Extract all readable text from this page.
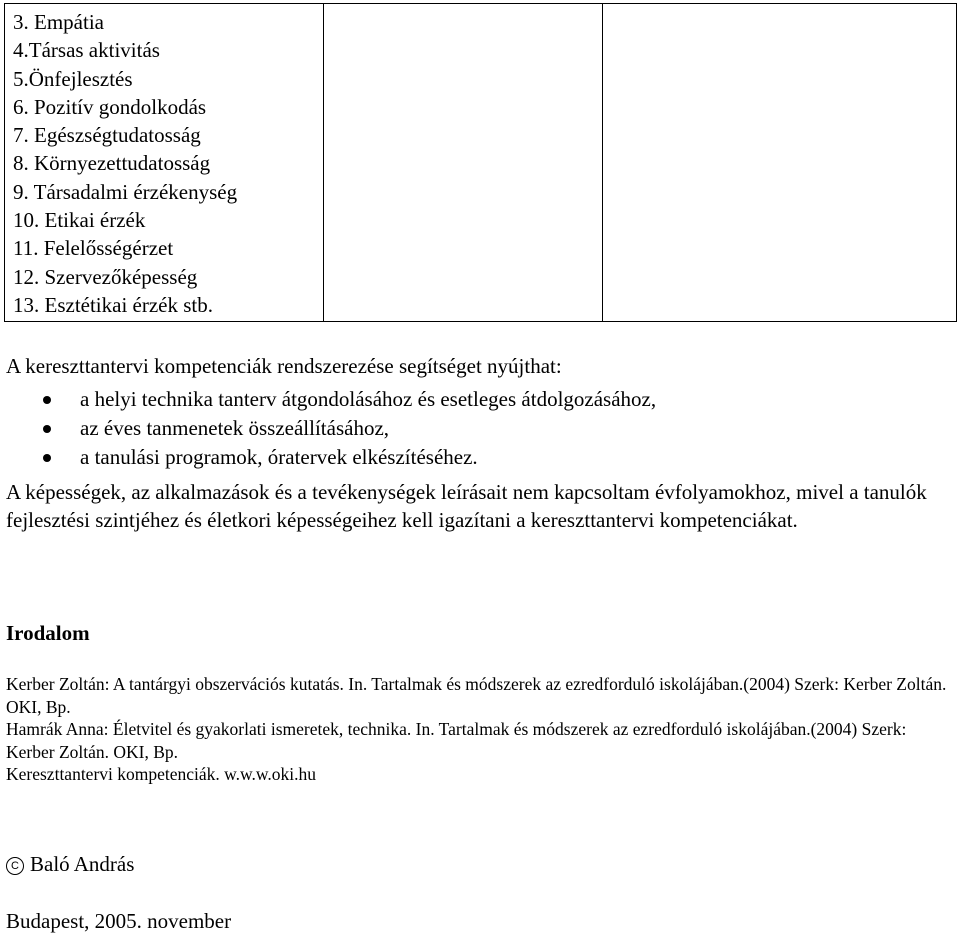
3. Empátia
4.Társas aktivitás
5.Önfejlesztés
6. Pozitív gondolkodás
7. Egészségtudatosság
8. Környezettudatosság
9. Társadalmi érzékenység
10. Etikai érzék
11. Felelősségérzet
12. Szervezőképesség
13. Esztétikai érzék stb.

A kereszttantervi kompetenciák rendszerezése segítséget nyújthat:

a helyi technika tanterv átgondolásához és esetleges átdolgozásához,
az éves tanmenetek összeállításához,
a tanulási programok, óratervek elkészítéséhez.

A képességek, az alkalmazások és a tevékenységek leírásait nem kapcsoltam évfolyamokhoz, mivel a tanulók fejlesztési szintjéhez és életkori képességeihez kell igazítani a kereszttantervi kompetenciákat.

Irodalom

Kerber Zoltán: A tantárgyi obszervációs kutatás. In. Tartalmak és módszerek az ezredforduló iskolájában.(2004) Szerk: Kerber Zoltán. OKI, Bp.
Hamrák Anna: Életvitel és gyakorlati ismeretek, technika. In. Tartalmak és módszerek az ezredforduló iskolájában.(2004) Szerk: Kerber Zoltán. OKI, Bp.
Kereszttantervi kompetenciák. w.w.w.oki.hu

C Baló András

Budapest, 2005. november
